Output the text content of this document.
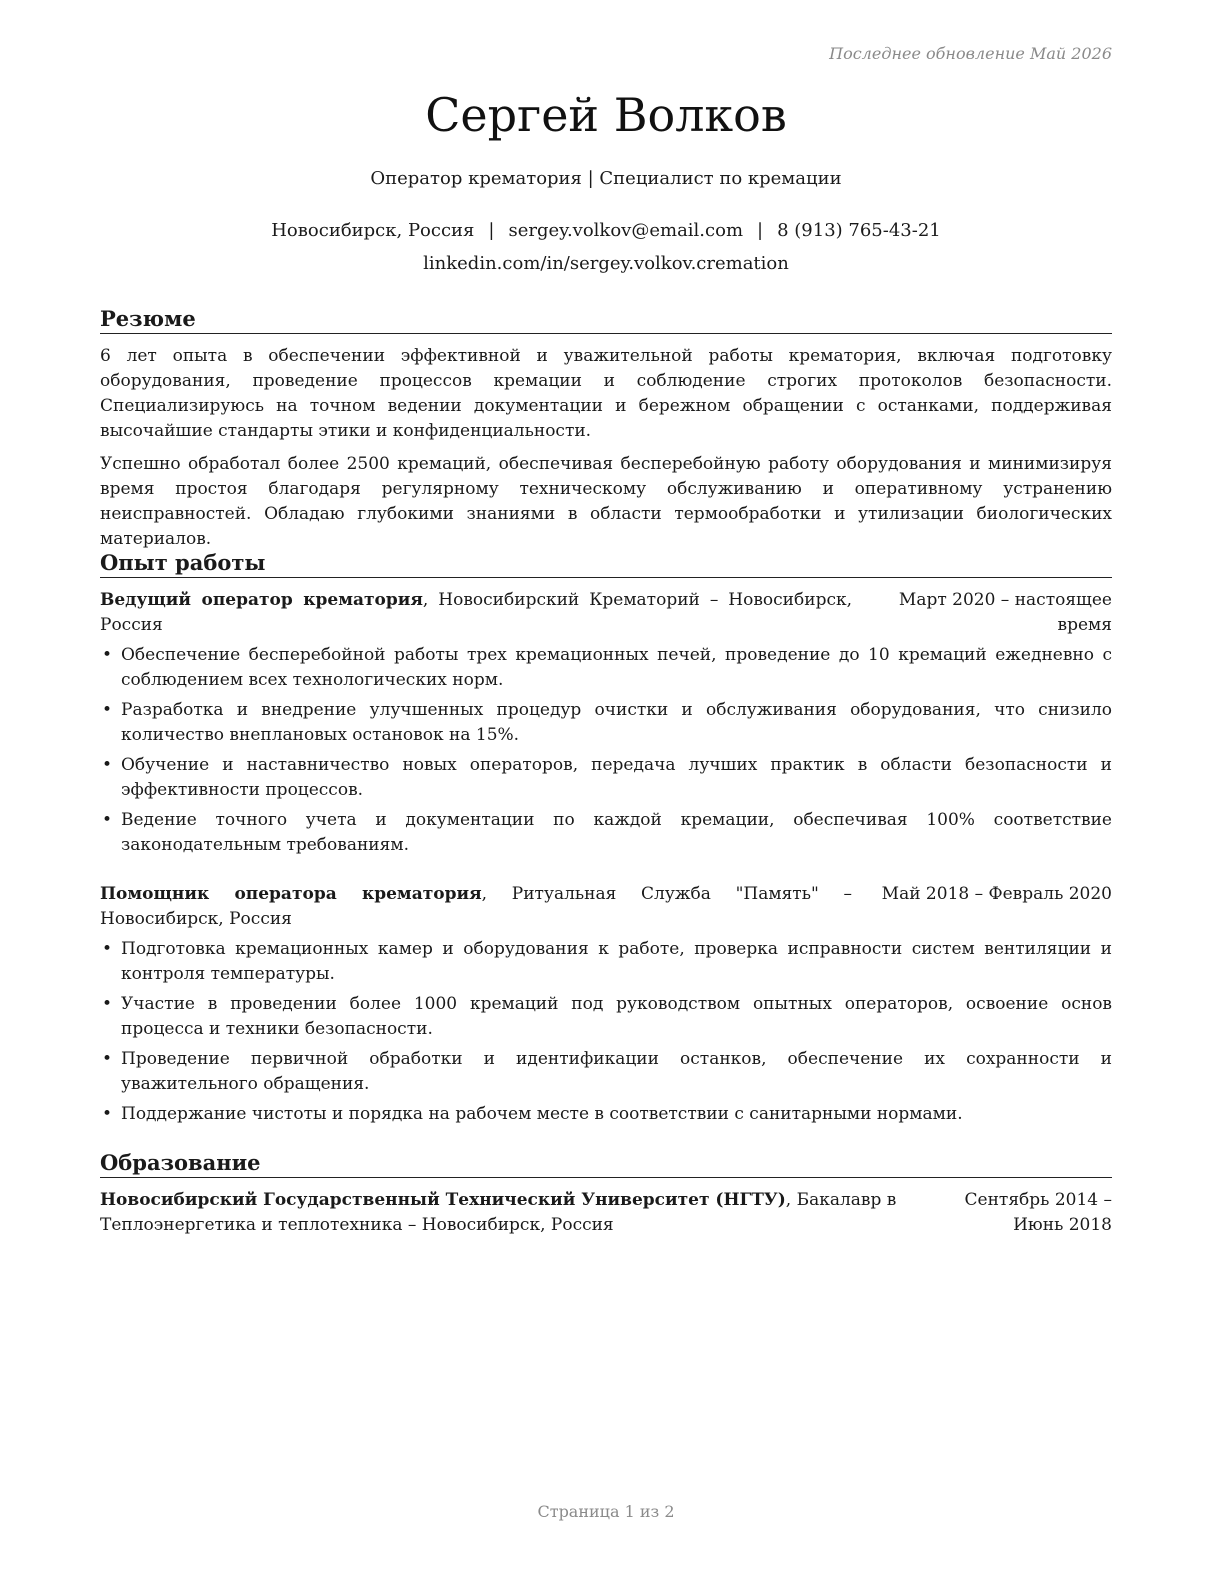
Последнее обновление Май 2026
Сергей Волков
Оператор крематория | Специалист по кремации
Новосибирск, Россия | sergey.volkov@email.com | 8 (913) 765-43-21
linkedin.com/in/sergey.volkov.cremation
Резюме

6 лет опыта в обеспечении эффективной и уважительной работы крематория, включая подготовку оборудования, проведение процессов кремации и соблюдение строгих протоколов безопасности. Специализируюсь на точном ведении документации и бережном обращении с останками, поддерживая высочайшие стандарты этики и конфиденциальности.

Успешно обработал более 2500 кремаций, обеспечивая бесперебойную работу оборудования и минимизируя время простоя благодаря регулярному техническому обслуживанию и оперативному устранению неисправностей. Обладаю глубокими знаниями в области термообработки и утилизации биологических материалов.

Опыт работы
Ведущий оператор крематория, Новосибирский Крематорий – Новосибирск, Россия
Март 2020 – настоящее время
• Обеспечение бесперебойной работы трех кремационных печей, проведение до 10 кремаций ежедневно с соблюдением всех технологических норм.
• Разработка и внедрение улучшенных процедур очистки и обслуживания оборудования, что снизило количество внеплановых остановок на 15%.
• Обучение и наставничество новых операторов, передача лучших практик в области безопасности и эффективности процессов.
• Ведение точного учета и документации по каждой кремации, обеспечивая 100% соответствие законодательным требованиям.
Помощник оператора крематория, Ритуальная Служба "Память" – Новосибирск, Россия
Май 2018 – Февраль 2020
• Подготовка кремационных камер и оборудования к работе, проверка исправности систем вентиляции и контроля температуры.
• Участие в проведении более 1000 кремаций под руководством опытных операторов, освоение основ процесса и техники безопасности.
• Проведение первичной обработки и идентификации останков, обеспечение их сохранности и уважительного обращения.
• Поддержание чистоты и порядка на рабочем месте в соответствии с санитарными нормами.
Образование
Новосибирский Государственный Технический Университет (НГТУ), Бакалавр в Теплоэнергетика и теплотехника – Новосибирск, Россия
Сентябрь 2014 – Июнь 2018
Страница 1 из 2
